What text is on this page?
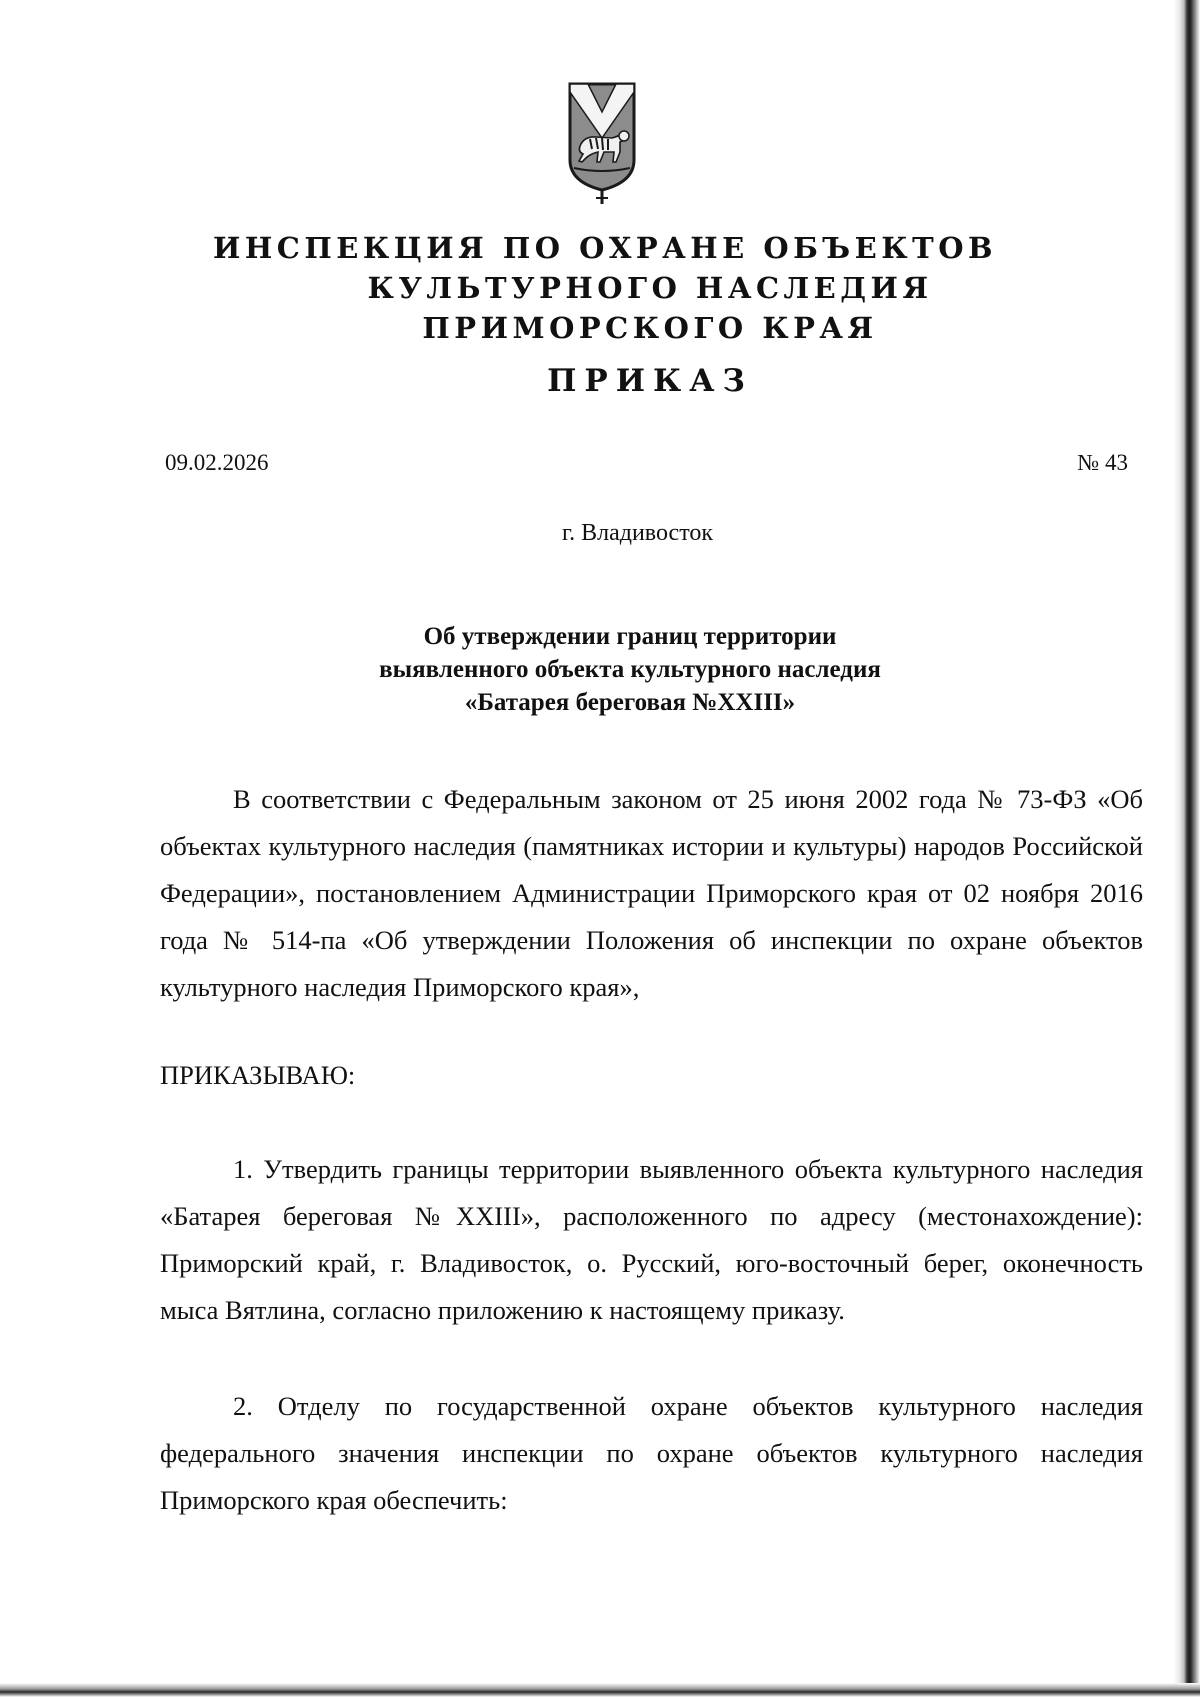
ИНСПЕКЦИЯ ПО ОХРАНЕ ОБЪЕКТОВ
КУЛЬТУРНОГО НАСЛЕДИЯ ПРИМОРСКОГО КРАЯ
ПРИКАЗ
09.02.2026	№ 43
г. Владивосток
Об утверждении границ территории
выявленного объекта культурного наследия
«Батарея береговая №XXIII»
В соответствии с Федеральным законом от 25 июня 2002 года № 73-ФЗ «Об объектах культурного наследия (памятниках истории и культуры) народов Российской Федерации», постановлением Администрации Приморского края от 02 ноября 2016 года № 514-па «Об утверждении Положения об инспекции по охране объектов культурного наследия Приморского края»,
ПРИКАЗЫВАЮ:
1. Утвердить границы территории выявленного объекта культурного наследия «Батарея береговая №XXIII», расположенного по адресу (местонахождение): Приморский край, г. Владивосток, о. Русский, юго-восточный берег, оконечность мыса Вятлина, согласно приложению к настоящему приказу.
2. Отделу по государственной охране объектов культурного наследия федерального значения инспекции по охране объектов культурного наследия Приморского края обеспечить:
